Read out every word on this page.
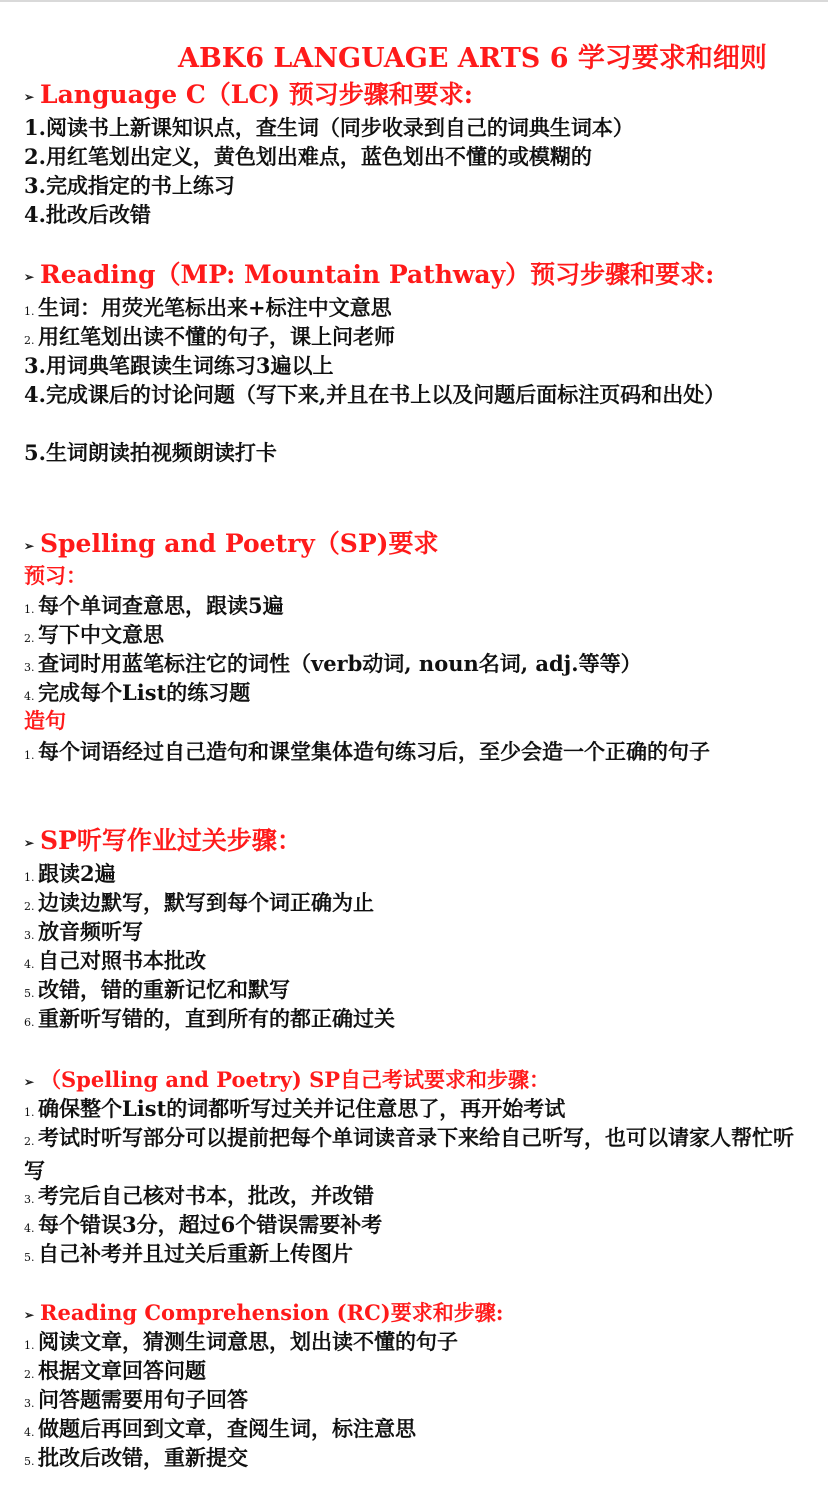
ABK6 LANGUAGE ARTS 6 学习要求和细则
➢ Language C（LC) 预习步骤和要求:
1.阅读书上新课知识点，查生词（同步收录到自己的词典生词本）
2.用红笔划出定义，黄色划出难点，蓝色划出不懂的或模糊的
3.完成指定的书上练习
4.批改后改错
➢ Reading（MP: Mountain Pathway）预习步骤和要求:
1. 生词：用荧光笔标出来+标注中文意思
2. 用红笔划出读不懂的句子，课上问老师
3.用词典笔跟读生词练习3遍以上
4.完成课后的讨论问题（写下来,并且在书上以及问题后面标注页码和出处）
5.生词朗读拍视频朗读打卡
➢ Spelling and Poetry（SP)要求
预习：
1. 每个单词查意思，跟读5遍
2. 写下中文意思
3. 查词时用蓝笔标注它的词性（verb动词, noun名词, adj.等等）
4. 完成每个List的练习题
造句
1. 每个词语经过自己造句和课堂集体造句练习后，至少会造一个正确的句子
➢ SP听写作业过关步骤：
1. 跟读2遍
2. 边读边默写，默写到每个词正确为止
3. 放音频听写
4. 自己对照书本批改
5. 改错，错的重新记忆和默写
6. 重新听写错的，直到所有的都正确过关
➢ （Spelling and Poetry) SP自己考试要求和步骤：
1. 确保整个List的词都听写过关并记住意思了，再开始考试
2. 考试时听写部分可以提前把每个单词读音录下来给自己听写，也可以请家人帮忙听写
3. 考完后自己核对书本，批改，并改错
4. 每个错误3分，超过6个错误需要补考
5. 自己补考并且过关后重新上传图片
➢ Reading Comprehension (RC)要求和步骤:
1. 阅读文章，猜测生词意思，划出读不懂的句子
2. 根据文章回答问题
3. 问答题需要用句子回答
4. 做题后再回到文章，查阅生词，标注意思
5. 批改后改错，重新提交
